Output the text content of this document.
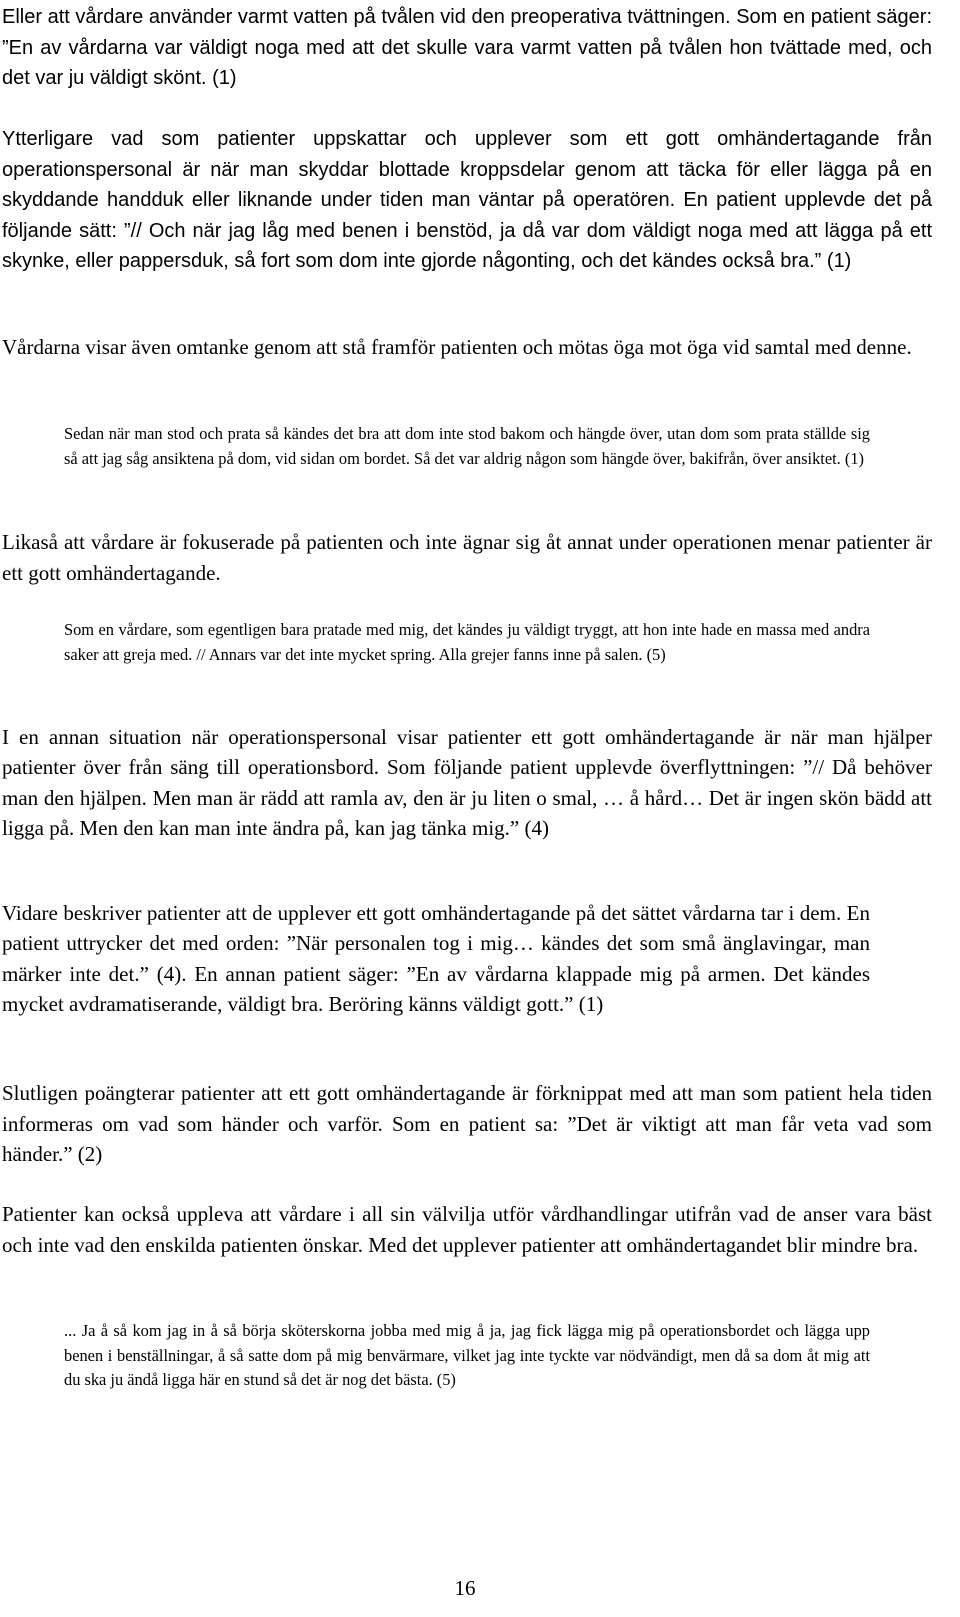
Eller att vårdare använder varmt vatten på tvålen vid den preoperativa tvättningen. Som en patient säger: ”En av vårdarna var väldigt noga med att det skulle vara varmt vatten på tvålen hon tvättade med, och det var ju väldigt skönt. (1)

Ytterligare vad som patienter uppskattar och upplever som ett gott omhändertagande från operationspersonal är när man skyddar blottade kroppsdelar genom att täcka för eller lägga på en skyddande handduk eller liknande under tiden man väntar på operatören. En patient upplevde det på följande sätt: ”// Och när jag låg med benen i benstöd, ja då var dom väldigt noga med att lägga på ett skynke, eller pappersduk, så fort som dom inte gjorde någonting, och det kändes också bra.” (1)

Vårdarna visar även omtanke genom att stå framför patienten och mötas öga mot öga vid samtal med denne.

Sedan när man stod och prata så kändes det bra att dom inte stod bakom och hängde över, utan dom som prata ställde sig så att jag såg ansiktena på dom, vid sidan om bordet. Så det var aldrig någon som hängde över, bakifrån, över ansiktet. (1)

Likaså att vårdare är fokuserade på patienten och inte ägnar sig åt annat under operationen menar patienter är ett gott omhändertagande.

Som en vårdare, som egentligen bara pratade med mig, det kändes ju väldigt tryggt, att hon inte hade en massa med andra saker att greja med. // Annars var det inte mycket spring. Alla grejer fanns inne på salen. (5)

I en annan situation när operationspersonal visar patienter ett gott omhändertagande är när man hjälper patienter över från säng till operationsbord. Som följande patient upplevde överflyttningen: ”// Då behöver man den hjälpen. Men man är rädd att ramla av, den är ju liten o smal, … å hård… Det är ingen skön bädd att ligga på. Men den kan man inte ändra på, kan jag tänka mig.” (4)

Vidare beskriver patienter att de upplever ett gott omhändertagande på det sättet vårdarna tar i dem. En patient uttrycker det med orden: ”När personalen tog i mig… kändes det som små änglavingar, man märker inte det.” (4). En annan patient säger: ”En av vårdarna klappade mig på armen. Det kändes mycket avdramatiserande, väldigt bra. Beröring känns väldigt gott.” (1)

Slutligen poängterar patienter att ett gott omhändertagande är förknippat med att man som patient hela tiden informeras om vad som händer och varför. Som en patient sa: ”Det är viktigt att man får veta vad som händer.” (2)

Patienter kan också uppleva att vårdare i all sin välvilja utför vårdhandlingar utifrån vad de anser vara bäst och inte vad den enskilda patienten önskar. Med det upplever patienter att omhändertagandet blir mindre bra.

... Ja å så kom jag in å så börja sköterskorna jobba med mig å ja, jag fick lägga mig på operationsbordet och lägga upp benen i benställningar, å så satte dom på mig benvärmare, vilket jag inte tyckte var nödvändigt, men då sa dom åt mig att du ska ju ändå ligga här en stund så det är nog det bästa. (5)

16
